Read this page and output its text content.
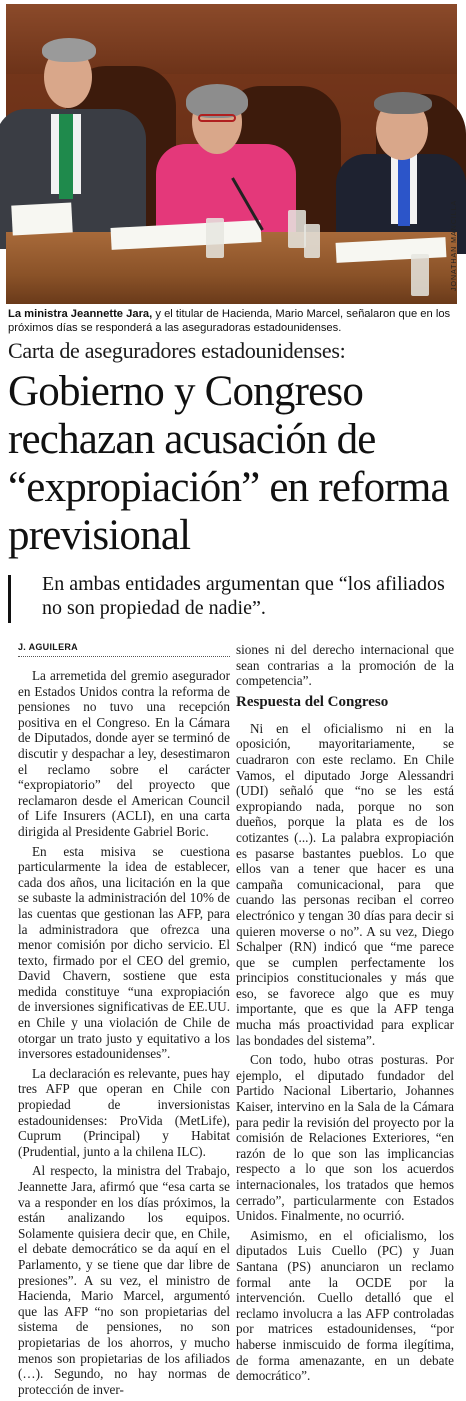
JONATHAN MANCILLA
La ministra Jeannette Jara, y el titular de Hacienda, Mario Marcel, señalaron que en los próximos días se responderá a las aseguradoras estadounidenses.
Carta de aseguradores estadounidenses:
Gobierno y Congreso rechazan acusación de “expropiación” en reforma previsional
En ambas entidades argumentan que “los afiliados no son propiedad de nadie”.
J. AGUILERA

La arremetida del gremio asegurador en Estados Unidos contra la reforma de pensiones no tuvo una recepción positiva en el Congreso. En la Cámara de Diputados, donde ayer se terminó de discutir y despachar a ley, desestimaron el reclamo sobre el carácter “expropiatorio” del proyecto que reclamaron desde el American Council of Life Insurers (ACLI), en una carta dirigida al Presidente Gabriel Boric.

En esta misiva se cuestiona particularmente la idea de establecer, cada dos años, una licitación en la que se subaste la administración del 10% de las cuentas que gestionan las AFP, para la administradora que ofrezca una menor comisión por dicho servicio. El texto, firmado por el CEO del gremio, David Chavern, sostiene que esta medida constituye “una expropiación de inversiones significativas de EE.UU. en Chile y una violación de Chile de otorgar un trato justo y equitativo a los inversores estadounidenses”.

La declaración es relevante, pues hay tres AFP que operan en Chile con propiedad de inversionistas estadounidenses: ProVida (MetLife), Cuprum (Principal) y Habitat (Prudential, junto a la chilena ILC).

Al respecto, la ministra del Trabajo, Jeannette Jara, afirmó que “esa carta se va a responder en los días próximos, la están analizando los equipos. Solamente quisiera decir que, en Chile, el debate democrático se da aquí en el Parlamento, y se tiene que dar libre de presiones”. A su vez, el ministro de Hacienda, Mario Marcel, argumentó que las AFP “no son propietarias del sistema de pensiones, no son propietarias de los ahorros, y mucho menos son propietarias de los afiliados (…). Segundo, no hay normas de protección de inver-

siones ni del derecho internacional que sean contrarias a la promoción de la competencia”.

Respuesta del Congreso

Ni en el oficialismo ni en la oposición, mayoritariamente, se cuadraron con este reclamo. En Chile Vamos, el diputado Jorge Alessandri (UDI) señaló que “no se les está expropiando nada, porque no son dueños, porque la plata es de los cotizantes (...). La palabra expropiación es pasarse bastantes pueblos. Lo que ellos van a tener que hacer es una campaña comunicacional, para que cuando las personas reciban el correo electrónico y tengan 30 días para decir si quieren moverse o no”. A su vez, Diego Schalper (RN) indicó que “me parece que se cumplen perfectamente los principios constitucionales y más que eso, se favorece algo que es muy importante, que es que la AFP tenga mucha más proactividad para explicar las bondades del sistema”.

Con todo, hubo otras posturas. Por ejemplo, el diputado fundador del Partido Nacional Libertario, Johannes Kaiser, intervino en la Sala de la Cámara para pedir la revisión del proyecto por la comisión de Relaciones Exteriores, “en razón de lo que son las implicancias respecto a lo que son los acuerdos internacionales, los tratados que hemos cerrado”, particularmente con Estados Unidos. Finalmente, no ocurrió.

Asimismo, en el oficialismo, los diputados Luis Cuello (PC) y Juan Santana (PS) anunciaron un reclamo formal ante la OCDE por la intervención. Cuello detalló que el reclamo involucra a las AFP controladas por matrices estadounidenses, “por haberse inmiscuido de forma ilegítima, de forma amenazante, en un debate democrático”.
